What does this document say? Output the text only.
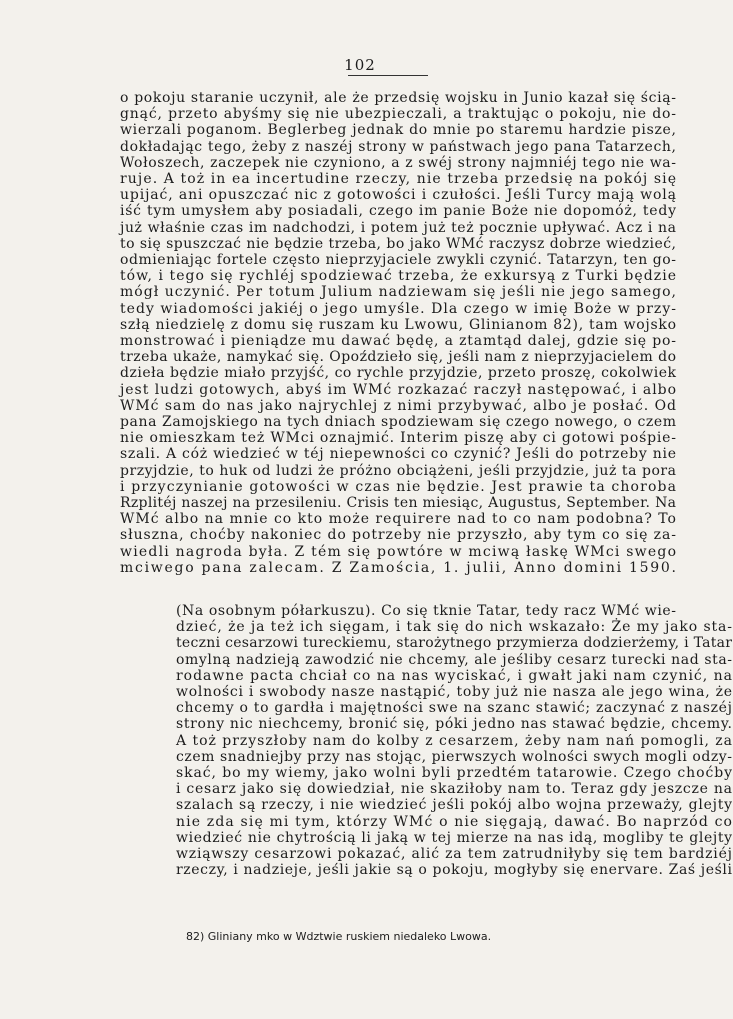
102
o pokoju staranie uczynił, ale że przedsię wojsku in Junio kazał się ścią-
gnąć, przeto abyśmy się nie ubezpieczali, a traktując o pokoju, nie do-
wierzali poganom. Beglerbeg jednak do mnie po staremu hardzie pisze,
dokładając tego, żeby z naszéj strony w państwach jego pana Tatarzech,
Wołoszech, zaczepek nie czyniono, a z swéj strony najmniéj tego nie wa-
ruje. A toż in ea incertudine rzeczy, nie trzeba przedsię na pokój się
upijać, ani opuszczać nic z gotowości i czułości. Jeśli Turcy mają wolą
iść tym umysłem aby posiadali, czego im panie Boże nie dopomóż, tedy
już właśnie czas im nadchodzi, i potem już też pocznie upływać. Acz i na
to się spuszczać nie będzie trzeba, bo jako WMć raczysz dobrze wiedzieć,
odmieniając fortele często nieprzyjaciele zwykli czynić. Tatarzyn, ten go-
tów, i tego się rychléj spodziewać trzeba, że exkursyą z Turki będzie
mógł uczynić. Per totum Julium nadziewam się jeśli nie jego samego,
tedy wiadomości jakiéj o jego umyśle. Dla czego w imię Boże w przy-
szłą niedzielę z domu się ruszam ku Lwowu, Glinianom 82), tam wojsko
monstrować i pieniądze mu dawać będę, a ztamtąd dalej, gdzie się po-
trzeba ukaże, namykać się. Opoździeło się, jeśli nam z nieprzyjacielem do
dzieła będzie miało przyjść, co rychle przyjdzie, przeto proszę, cokolwiek
jest ludzi gotowych, abyś im WMć rozkazać raczył następować, i albo
WMć sam do nas jako najrychlej z nimi przybywać, albo je posłać. Od
pana Zamojskiego na tych dniach spodziewam się czego nowego, o czem
nie omieszkam też WMci oznajmić. Interim piszę aby ci gotowi pośpie-
szali. A cóż wiedzieć w téj niepewności co czynić? Jeśli do potrzeby nie
przyjdzie, to huk od ludzi że próżno obciążeni, jeśli przyjdzie, już ta pora
i przyczynianie gotowości w czas nie będzie. Jest prawie ta choroba
Rzplitéj naszej na przesileniu. Crisis ten miesiąc, Augustus, September. Na
WMć albo na mnie co kto może requirere nad to co nam podobna? To
słuszna, choćby nakoniec do potrzeby nie przyszło, aby tym co się za-
wiedli nagroda była. Z tém się powtóre w mciwą łaskę WMci swego
mciwego pana zalecam. Z Zamościa, 1. julii, Anno domini 1590.
(Na osobnym półarkuszu). Co się tknie Tatar, tedy racz WMć wie-
dzieć, że ja też ich sięgam, i tak się do nich wskazało: Że my jako sta-
teczni cesarzowi tureckiemu, starożytnego przymierza dodzierżemy, i Tatar
omylną nadzieją zawodzić nie chcemy, ale jeśliby cesarz turecki nad sta-
rodawne pacta chciał co na nas wyciskać, i gwałt jaki nam czynić, na
wolności i swobody nasze nastąpić, toby już nie nasza ale jego wina, że
chcemy o to gardła i majętności swe na szanc stawić; zaczynać z naszéj
strony nic niechcemy, bronić się, póki jedno nas stawać będzie, chcemy.
A toż przyszłoby nam do kolby z cesarzem, żeby nam nań pomogli, za
czem snadniejby przy nas stojąc, pierwszych wolności swych mogli odzy-
skać, bo my wiemy, jako wolni byli przedtém tatarowie. Czego choćby
i cesarz jako się dowiedział, nie skaziłoby nam to. Teraz gdy jeszcze na
szalach są rzeczy, i nie wiedzieć jeśli pokój albo wojna przeważy, glejty
nie zda się mi tym, którzy WMć o nie sięgają, dawać. Bo naprzód co
wiedzieć nie chytrością li jaką w tej mierze na nas idą, mogliby te glejty
wziąwszy cesarzowi pokazać, alić za tem zatrudniłyby się tem bardziéj
rzeczy, i nadzieje, jeśli jakie są o pokoju, mogłyby się enervare. Zaś jeśli
82) Gliniany mko w Wdztwie ruskiem niedaleko Lwowa.
